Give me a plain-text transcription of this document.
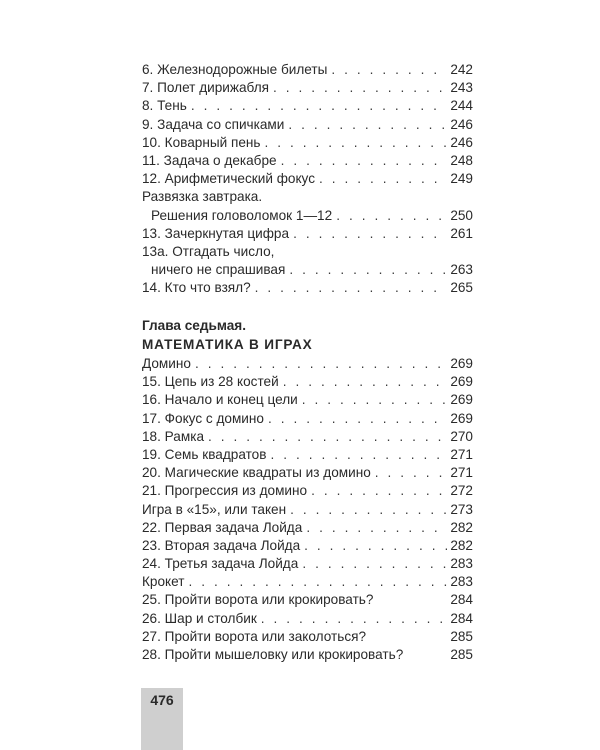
6. Железнодорожные билеты . . .	242
7. Полет дирижабля . . .	243
8. Тень . . .	244
9. Задача со спичками . . .	246
10. Коварный пень . . .	246
11. Задача о декабре . . .	248
12. Арифметический фокус . . .	249
Развязка завтрака.
Решения головоломок 1—12 . . .	250
13. Зачеркнутая цифра . . .	261
13а. Отгадать число,
ничего не спрашивая . . .	263
14. Кто что взял? . . .	265
Глава седьмая.
МАТЕМАТИКА В ИГРАХ
Домино . . .	269
15. Цепь из 28 костей . . .	269
16. Начало и конец цели . . .	269
17. Фокус с домино . . .	269
18. Рамка . . .	270
19. Семь квадратов . . .	271
20. Магические квадраты из домино . . .	271
21. Прогрессия из домино . . .	272
Игра в «15», или такен . . .	273
22. Первая задача Лойда . . .	282
23. Вторая задача Лойда . . .	282
24. Третья задача Лойда . . .	283
Крокет . . .	283
25. Пройти ворота или крокировать?	284
26. Шар и столбик . . .	284
27. Пройти ворота или заколоться?	285
28. Пройти мышеловку или крокировать?	285
476
